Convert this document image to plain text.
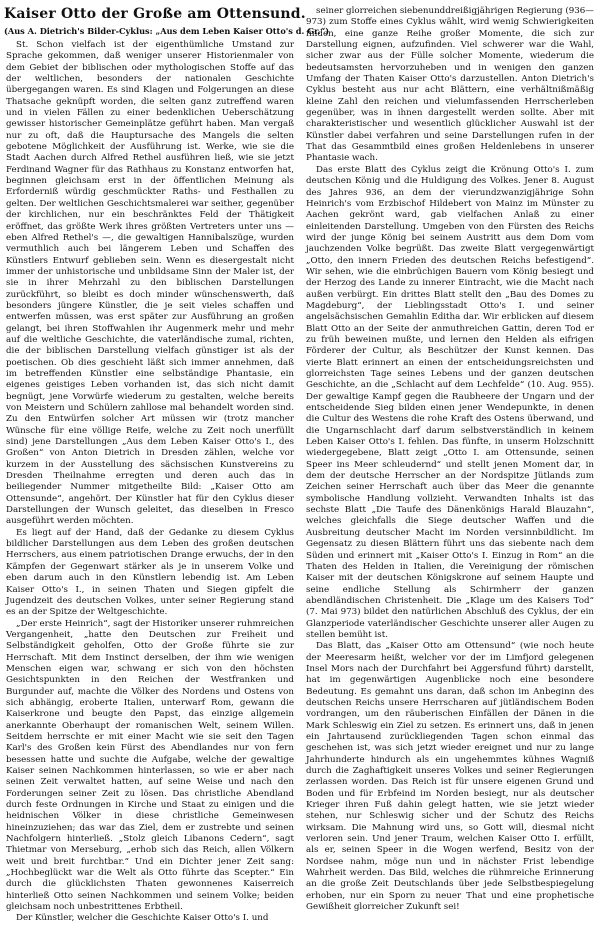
Kaiser Otto der Große am Ottensund.
(Aus A. Dietrich's Bilder-Cyklus: „Aus dem Leben Kaiser Otto's d. Gr.“)

St. Schon vielfach ist der eigenthümliche Umstand zur Sprache gekommen, daß weniger unserer Historienmaler von dem Gebiet der biblischen oder mythologischen Stoffe auf das der weltlichen, besonders der nationalen Geschichte übergegangen waren. Es sind Klagen und Folgerungen an diese Thatsache geknüpft worden, die selten ganz zutreffend waren und in vielen Fällen zu einer bedenklichen Ueberschätzung gewisser historischer Gemeinplätze geführt haben. Man vergaß nur zu oft, daß die Hauptursache des Mangels die selten gebotene Möglichkeit der Ausführung ist. Werke, wie sie die Stadt Aachen durch Alfred Rethel ausführen ließ, wie sie jetzt Ferdinand Wagner für das Rathhaus zu Konstanz entworfen hat, beginnen gleichsam erst in der öffentlichen Meinung als Erforderniß würdig geschmückter Raths- und Festhallen zu gelten. Der weltlichen Geschichtsmalerei war seither, gegenüber der kirchlichen, nur ein beschränktes Feld der Thätigkeit eröffnet, das größte Werk ihres größten Vertreters unter uns — eben Alfred Rethel's —, die gewaltigen Hannibalszüge, wurden vermuthlich auch bei längerem Leben und Schaffen des Künstlers Entwurf geblieben sein. Wenn es diesergestalt nicht immer der unhistorische und unbildsame Sinn der Maler ist, der sie in ihrer Mehrzahl zu den biblischen Darstellungen zurückführt, so bleibt es doch minder wünschenswerth, daß besonders jüngere Künstler, die je seit vieles schaffen und entwerfen müssen, was erst später zur Ausführung an großen gelangt, bei ihren Stoffwahlen ihr Augenmerk mehr und mehr auf die weltliche Geschichte, die vaterländische zumal, richten, die der biblischen Darstellung vielfach günstiger ist als der poetischen. Ob dies geschieht läßt sich immer annehmen, daß im betreffenden Künstler eine selbständige Phantasie, ein eigenes geistiges Leben vorhanden ist, das sich nicht damit begnügt, jene Vorwürfe wiederum zu gestalten, welche bereits von Meistern und Schülern zahllose mal behandelt worden sind. Zu den Entwürfen solcher Art müssen wir (trotz mancher Wünsche für eine völlige Reife, welche zu Zeit noch unerfüllt sind) jene Darstellungen „Aus dem Leben Kaiser Otto's I., des Großen“ von Anton Dietrich in Dresden zählen, welche vor kurzem in der Ausstellung des sächsischen Kunstvereins zu Dresden Theilnahme erregten und deren auch das in beiliegender Nummer mitgetheilte Bild: „Kaiser Otto am Ottensunde“, angehört. Der Künstler hat für den Cyklus dieser Darstellungen der Wunsch geleitet, das dieselben in Fresco ausgeführt werden möchten.

Es liegt auf der Hand, daß der Gedanke zu diesem Cyklus bildlicher Darstellungen aus dem Leben des großen deutschen Herrschers, aus einem patriotischen Drange erwuchs, der in den Kämpfen der Gegenwart stärker als je in unserem Volke und eben darum auch in den Künstlern lebendig ist. Am Leben Kaiser Otto's I., in seinen Thaten und Siegen gipfelt die Jugendzeit des deutschen Volkes, unter seiner Regierung stand es an der Spitze der Weltgeschichte.

„Der erste Heinrich“, sagt der Historiker unserer ruhmreichen Vergangenheit, „hatte den Deutschen zur Freiheit und Selbständigkeit geholfen, Otto der Große führte sie zur Herrschaft. Mit dem Instinct derselben, der ihm wie wenigen Menschen eigen war, schwang er sich von den höchsten Gesichtspunkten in den Reichen der Westfranken und Burgunder auf, machte die Völker des Nordens und Ostens von sich abhängig, eroberte Italien, unterwarf Rom, gewann die Kaiserkrone und beugte den Papst, das einzige allgemein anerkannte Oberhaupt der romanischen Welt, seinem Willen. Seitdem herrschte er mit einer Macht wie sie seit den Tagen Karl's des Großen kein Fürst des Abendlandes nur von fern besessen hatte und suchte die Aufgabe, welche der gewaltige Kaiser seinen Nachkommen hinterlassen, so wie er aber nach seinen Zeit verwaltet hatten, auf seine Weise und nach den Forderungen seiner Zeit zu lösen. Das christliche Abendland durch feste Ordnungen in Kirche und Staat zu einigen und die heidnischen Völker in diese christliche Gemeinwesen hineinzuziehen; das war das Ziel, dem er zustrebte und seinen Nachfolgern hinterließ. „Stolz gleich Libanons Cedern“, sagt Thietmar von Merseburg, „erhob sich das Reich, allen Völkern weit und breit furchtbar.“ Und ein Dichter jener Zeit sang: „Hochbeglückt war die Welt als Otto führte das Scepter.“ Ein durch die glücklichsten Thaten gewonnenes Kaiserreich hinterließ Otto seinen Nachkommen und seinem Volke; beiden gleichsam noch unbestrittenes Erbtheil.

Der Künstler, welcher die Geschichte Kaiser Otto's I. und

seiner glorreichen siebenunddreißigjährigen Regierung (936—973) zum Stoffe eines Cyklus wählt, wird wenig Schwierigkeiten finden, eine ganze Reihe großer Momente, die sich zur Darstellung eignen, aufzufinden. Viel schwerer war die Wahl, sicher zwar aus der Fülle solcher Momente, wiederum die bedeutsamsten hervorzuheben und in wenigen den ganzen Umfang der Thaten Kaiser Otto's darzustellen. Anton Dietrich's Cyklus besteht aus nur acht Blättern, eine verhältnißmäßig kleine Zahl den reichen und vielumfassenden Herrscherleben gegenüber, was in ihnen dargestellt werden sollte. Aber mit charakteristischer und wesentlich glücklicher Auswahl ist der Künstler dabei verfahren und seine Darstellungen rufen in der That das Gesammtbild eines großen Heldenlebens in unserer Phantasie wach.

Das erste Blatt des Cyklus zeigt die Krönung Otto's I. zum deutschen König und die Huldigung des Volkes. Jener 8. August des Jahres 936, an dem der vierundzwanzigjährige Sohn Heinrich's vom Erzbischof Hildebert von Mainz im Münster zu Aachen gekrönt ward, gab vielfachen Anlaß zu einer einleitenden Darstellung. Umgeben von den Fürsten des Reichs wird der junge König bei seinem Austritt aus dem Dom vom jauchzenden Volke begrüßt. Das zweite Blatt vergegenwärtigt „Otto, den innern Frieden des deutschen Reichs befestigend“. Wir sehen, wie die einbrüchigen Bauern vom König besiegt und der Herzog des Lande zu innerer Eintracht, wie die Macht nach außen verbürgt. Ein drittes Blatt stellt den „Bau des Domes zu Magdeburg“, der Lieblingsstadt Otto's I. und seiner angelsächsischen Gemahlin Editha dar. Wir erblicken auf diesem Blatt Otto an der Seite der anmuthreichen Gattin, deren Tod er zu früh beweinen mußte, und lernen den Helden als eifrigen Förderer der Cultur, als Beschützer der Kunst kennen. Das vierte Blatt erinnert an einen der entscheidungsreichsten und glorreichsten Tage seines Lebens und der ganzen deutschen Geschichte, an die „Schlacht auf dem Lechfelde“ (10. Aug. 955). Der gewaltige Kampf gegen die Raubheere der Ungarn und der entscheidende Sieg bilden einen jener Wendepunkte, in denen die Cultur des Westens die rohe Kraft des Ostens überwand, und die Ungarnschlacht darf darum selbstverständlich in keinem Leben Kaiser Otto's I. fehlen. Das fünfte, in unserm Holzschnitt wiedergegebene, Blatt zeigt „Otto I. am Ottensunde, seinen Speer ins Meer schleudernd“ und stellt jenen Moment dar, in dem der deutsche Herrscher an der Nordspitze Jütlands zum Zeichen seiner Herrschaft auch über das Meer die genannte symbolische Handlung vollzieht. Verwandten Inhalts ist das sechste Blatt „Die Taufe des Dänenkönigs Harald Blauzahn“, welches gleichfalls die Siege deutscher Waffen und die Ausbreitung deutscher Macht im Norden versinnbildlicht. Im Gegensatz zu diesen Blättern führt uns das siebente nach dem Süden und erinnert mit „Kaiser Otto's I. Einzug in Rom“ an die Thaten des Helden in Italien, die Vereinigung der römischen Kaiser mit der deutschen Königskrone auf seinem Haupte und seine endliche Stellung als Schirmherr der ganzen abendländischen Christenheit. Die „Klage um des Kaisers Tod“ (7. Mai 973) bildet den natürlichen Abschluß des Cyklus, der ein Glanzperiode vaterländischer Geschichte unserer aller Augen zu stellen bemüht ist.

Das Blatt, das „Kaiser Otto am Ottensund“ (wie noch heute der Meeresarm heißt, welcher vor der im Limfjord gelegenen Insel Mors nach der Durchfahrt bei Aggersfund führt) darstellt, hat im gegenwärtigen Augenblicke noch eine besondere Bedeutung. Es gemahnt uns daran, daß schon im Anbeginn des deutschen Reichs unsere Herrscharen auf jütländischem Boden vordrangen, um den räuberischen Einfällen der Dänen in die Mark Schleswig ein Ziel zu setzen. Es erinnert uns, daß in jenen ein Jahrtausend zurückliegenden Tagen schon einmal das geschehen ist, was sich jetzt wieder ereignet und nur zu lange Jahrhunderte hindurch als ein ungehemmtes kühnes Wagniß durch die Zaghaftigkeit unseres Volkes und seiner Regierungen zerlassen worden. Das Reich ist für unsere eigenen Grund und Boden und für Erbfeind im Norden besiegt, nur als deutscher Krieger ihren Fuß dahin gelegt hatten, wie sie jetzt wieder stehen, nur Schleswig sicher und der Schutz des Reichs wirksam. Die Mahnung wird uns, so Gott will, diesmal nicht verloren sein. Und jener Traum, welchen Kaiser Otto I. erfüllt, als er, seinen Speer in die Wogen werfend, Besitz von der Nordsee nahm, möge nun und in nächster Frist lebendige Wahrheit werden. Das Bild, welches die rühmreiche Erinnerung an die große Zeit Deutschlands über jede Selbstbespiegelung erhoben, nur ein Sporn zu neuer That und eine prophetische Gewißheit glorreicher Zukunft sei!
